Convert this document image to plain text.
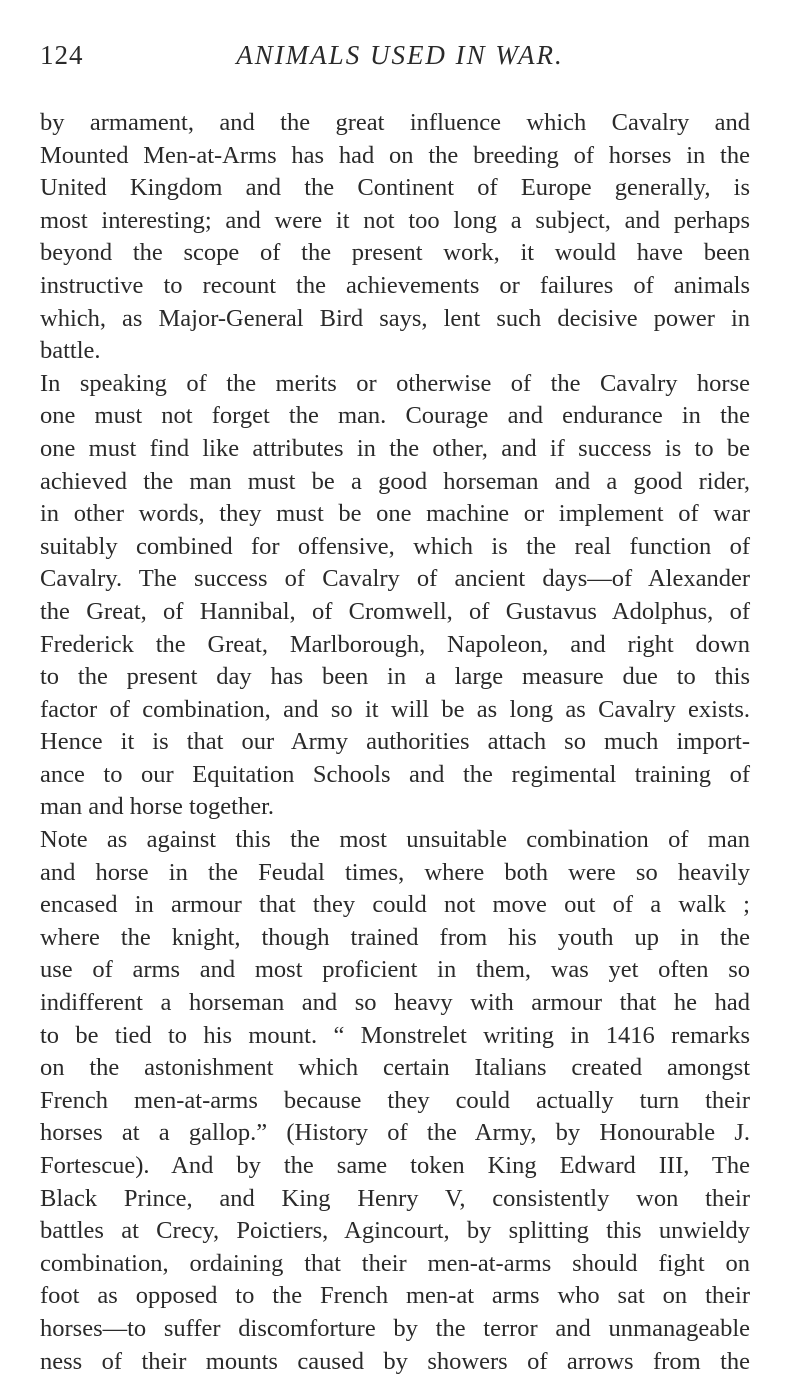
124	ANIMALS USED IN WAR.
by armament, and the great influence which Cavalry and
Mounted Men-at-Arms has had on the breeding of horses in the
United Kingdom and the Continent of Europe generally, is
most interesting; and were it not too long a subject, and perhaps
beyond the scope of the present work, it would have been
instructive to recount the achievements or failures of animals
which, as Major-General Bird says, lent such decisive power in
battle.
In speaking of the merits or otherwise of the Cavalry horse
one must not forget the man. Courage and endurance in the
one must find like attributes in the other, and if success is to be
achieved the man must be a good horseman and a good rider,
in other words, they must be one machine or implement of war
suitably combined for offensive, which is the real function of
Cavalry. The success of Cavalry of ancient days—of Alexander
the Great, of Hannibal, of Cromwell, of Gustavus Adolphus, of
Frederick the Great, Marlborough, Napoleon, and right down
to the present day has been in a large measure due to this
factor of combination, and so it will be as long as Cavalry exists.
Hence it is that our Army authorities attach so much import-
ance to our Equitation Schools and the regimental training of
man and horse together.
Note as against this the most unsuitable combination of man
and horse in the Feudal times, where both were so heavily
encased in armour that they could not move out of a walk ;
where the knight, though trained from his youth up in the
use of arms and most proficient in them, was yet often so
indifferent a horseman and so heavy with armour that he had
to be tied to his mount. “ Monstrelet writing in 1416 remarks
on the astonishment which certain Italians created amongst
French men-at-arms because they could actually turn their
horses at a gallop.” (History of the Army, by Honourable J.
Fortescue). And by the same token King Edward III, The
Black Prince, and King Henry V, consistently won their
battles at Crecy, Poictiers, Agincourt, by splitting this unwieldy
combination, ordaining that their men-at-arms should fight on
foot as opposed to the French men-at arms who sat on their
horses—to suffer discomforture by the terror and unmanageable
ness of their mounts caused by showers of arrows from the
